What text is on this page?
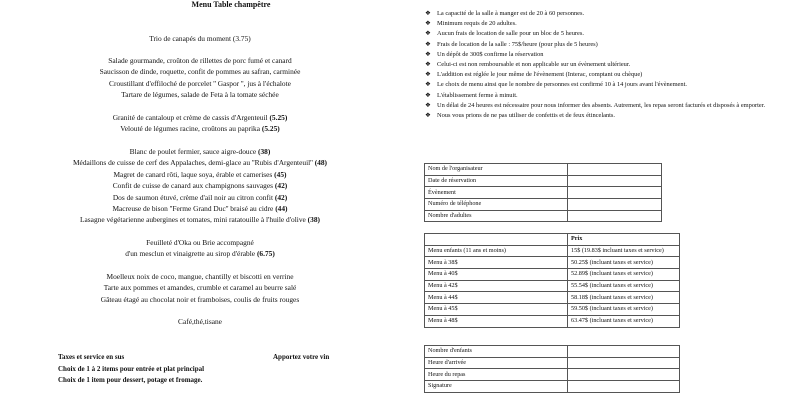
Menu Table champêtre
Trio de canapés du moment (3.75)
Salade gourmande, croûton de rillettes de porc fumé et canard
Saucisson de dinde, roquette, confit de pommes au safran, carminée
Croustillant d'effiloché de porcelet '' Gaspor '', jus à l'échalote
Tartare de légumes, salade de Feta à la tomate séchée
Granité de cantaloup et crème de cassis d'Argenteuil (5.25)
Velouté de légumes racine, croûtons au paprika (5.25)
Blanc de poulet fermier, sauce aigre-douce (38)
Médaillons de cuisse de cerf des Appalaches, demi-glace au ''Rubis d'Argenteuil'' (48)
Magret de canard rôti, laque soya, érable et camerises (45)
Confit de cuisse de canard aux champignons sauvages (42)
Dos de saumon étuvé, crème d'ail noir au citron confit (42)
Macreuse de bison ''Ferme Grand Duc'' braisé au cidre (44)
Lasagne végétarienne aubergines et tomates, mini ratatouille à l'huile d'olive (38)
Feuilleté d'Oka ou Brie accompagné
d'un mesclun et vinaigrette au sirop d'érable (6.75)
Moelleux noix de coco, mangue, chantilly et biscotti en verrine
Tarte aux pommes et amandes, crumble et caramel au beurre salé
Gâteau étagé au chocolat noir et framboises, coulis de fruits rouges
Café,thé,tisane
Taxes et service en sus
Choix de 1 à 2 items pour entrée et plat principal
Choix de 1 item pour dessert, potage et fromage.
Apportez votre vin
❖ La capacité de la salle à manger est de 20 à 60 personnes.
❖ Minimum requis de 20 adultes.
❖ Aucun frais de location de salle pour un bloc de 5 heures.
❖ Frais de location de la salle : 75$/heure (pour plus de 5 heures)
❖ Un dépôt de 300$ confirme la réservation
❖ Celui-ci est non remboursable et non applicable sur un évènement ultérieur.
❖ L'addition est réglée le jour même de l'évènement (Interac, comptant ou chèque)
❖ Le choix de menu ainsi que le nombre de personnes est confirmé 10 à 14 jours avant l'évènement.
❖ L'établissement ferme à minuit.
❖ Un délai de 24 heures est nécessaire pour nous informer des absents. Autrement, les repas seront facturés et disposés à emporter.
❖ Nous vous prions de ne pas utiliser de confettis et de feux étincelants.
Nom de l'organisateur	
Date de réservation	
Évènement	
Numéro de téléphone	
Nombre d'adultes	
	Prix
Menu enfants (11 ans et moins)	15$ (19.83$ incluant taxes et service)
Menu à 38$	50.25$ (incluant taxes et service)
Menu à 40$	52.89$ (incluant taxes et service)
Menu à 42$	55.54$ (incluant taxes et service)
Menu à 44$	58.18$ (incluant taxes et service)
Menu à 45$	59.50$ (incluant taxes et service)
Menu à 48$	63.47$ (incluant taxes et service)
Nombre d'enfants	
Heure d'arrivée	
Heure du repas	
Signature	
